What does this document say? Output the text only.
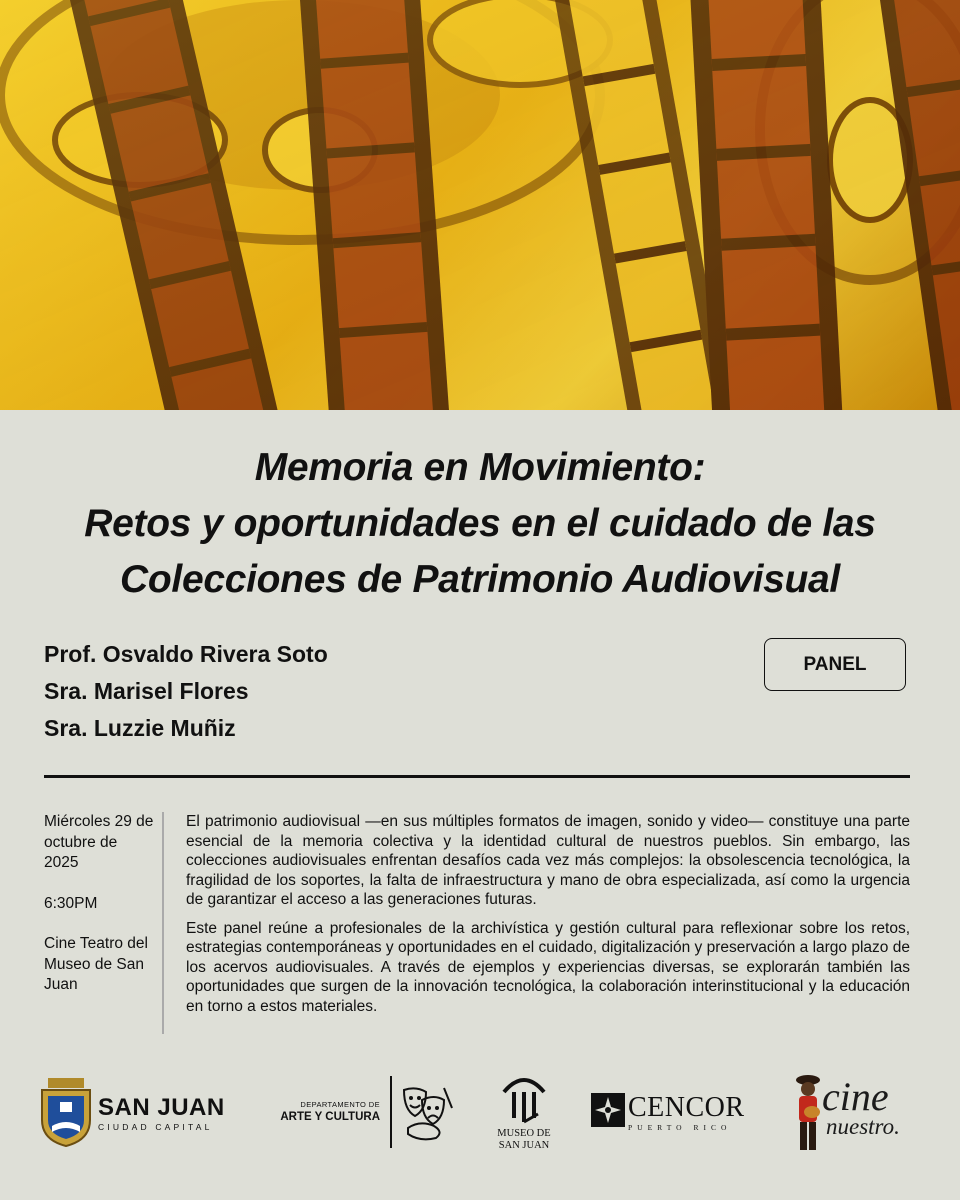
Memoria en Movimiento:
Retos y oportunidades en el cuidado de las
Colecciones de Patrimonio Audiovisual
Prof. Osvaldo Rivera Soto
Sra. Marisel Flores
Sra. Luzzie Muñiz
PANEL

Miércoles 29 de octubre de 2025

6:30PM

Cine Teatro del Museo de San Juan

El patrimonio audiovisual —en sus múltiples formatos de imagen, sonido y video— constituye una parte esencial de la memoria colectiva y la identidad cultural de nuestros pueblos. Sin embargo, las colecciones audiovisuales enfrentan desafíos cada vez más complejos: la obsolescencia tecnológica, la fragilidad de los soportes, la falta de infraestructura y mano de obra especializada, así como la urgencia de garantizar el acceso a las generaciones futuras.

Este panel reúne a profesionales de la archivística y gestión cultural para reflexionar sobre los retos, estrategias contemporáneas y oportunidades en el cuidado, digitalización y preservación a largo plazo de los acervos audiovisuales. A través de ejemplos y experiencias diversas, se explorarán también las oportunidades que surgen de la innovación tecnológica, la colaboración interinstitucional y la educación en torno a estos materiales.

SAN JUAN
CIUDAD CAPITAL
DEPARTAMENTO DE
ARTE Y CULTURA
MUSEO DE
SAN JUAN
CENCOR
PUERTO RICO
cine
nuestro.
